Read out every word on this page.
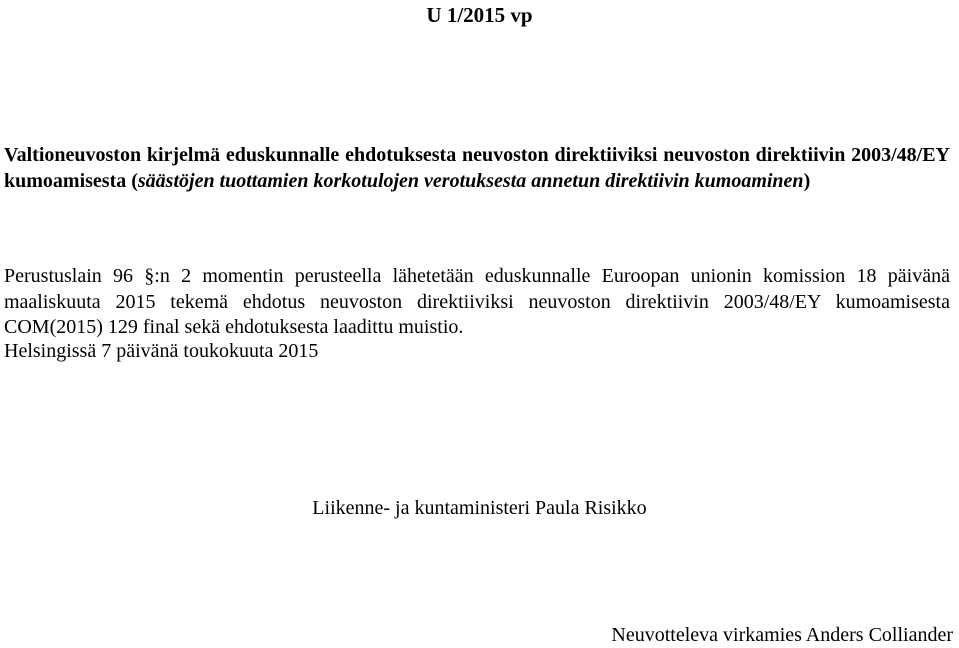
U 1/2015 vp
Valtioneuvoston kirjelmä eduskunnalle ehdotuksesta neuvoston direktiiviksi neuvoston direktiivin 2003/48/EY kumoamisesta (säästöjen tuottamien korkotulojen verotuksesta annetun direktiivin kumoaminen)
Perustuslain 96 §:n 2 momentin perusteella lähetetään eduskunnalle Euroopan unionin komission 18 päivänä maaliskuuta 2015 tekemä ehdotus neuvoston direktiiviksi neuvoston direktiivin 2003/48/EY kumoamisesta COM(2015) 129 final sekä ehdotuksesta laadittu muistio.
Helsingissä 7 päivänä toukokuuta 2015
Liikenne- ja kuntaministeri Paula Risikko
Neuvotteleva virkamies Anders Colliander
